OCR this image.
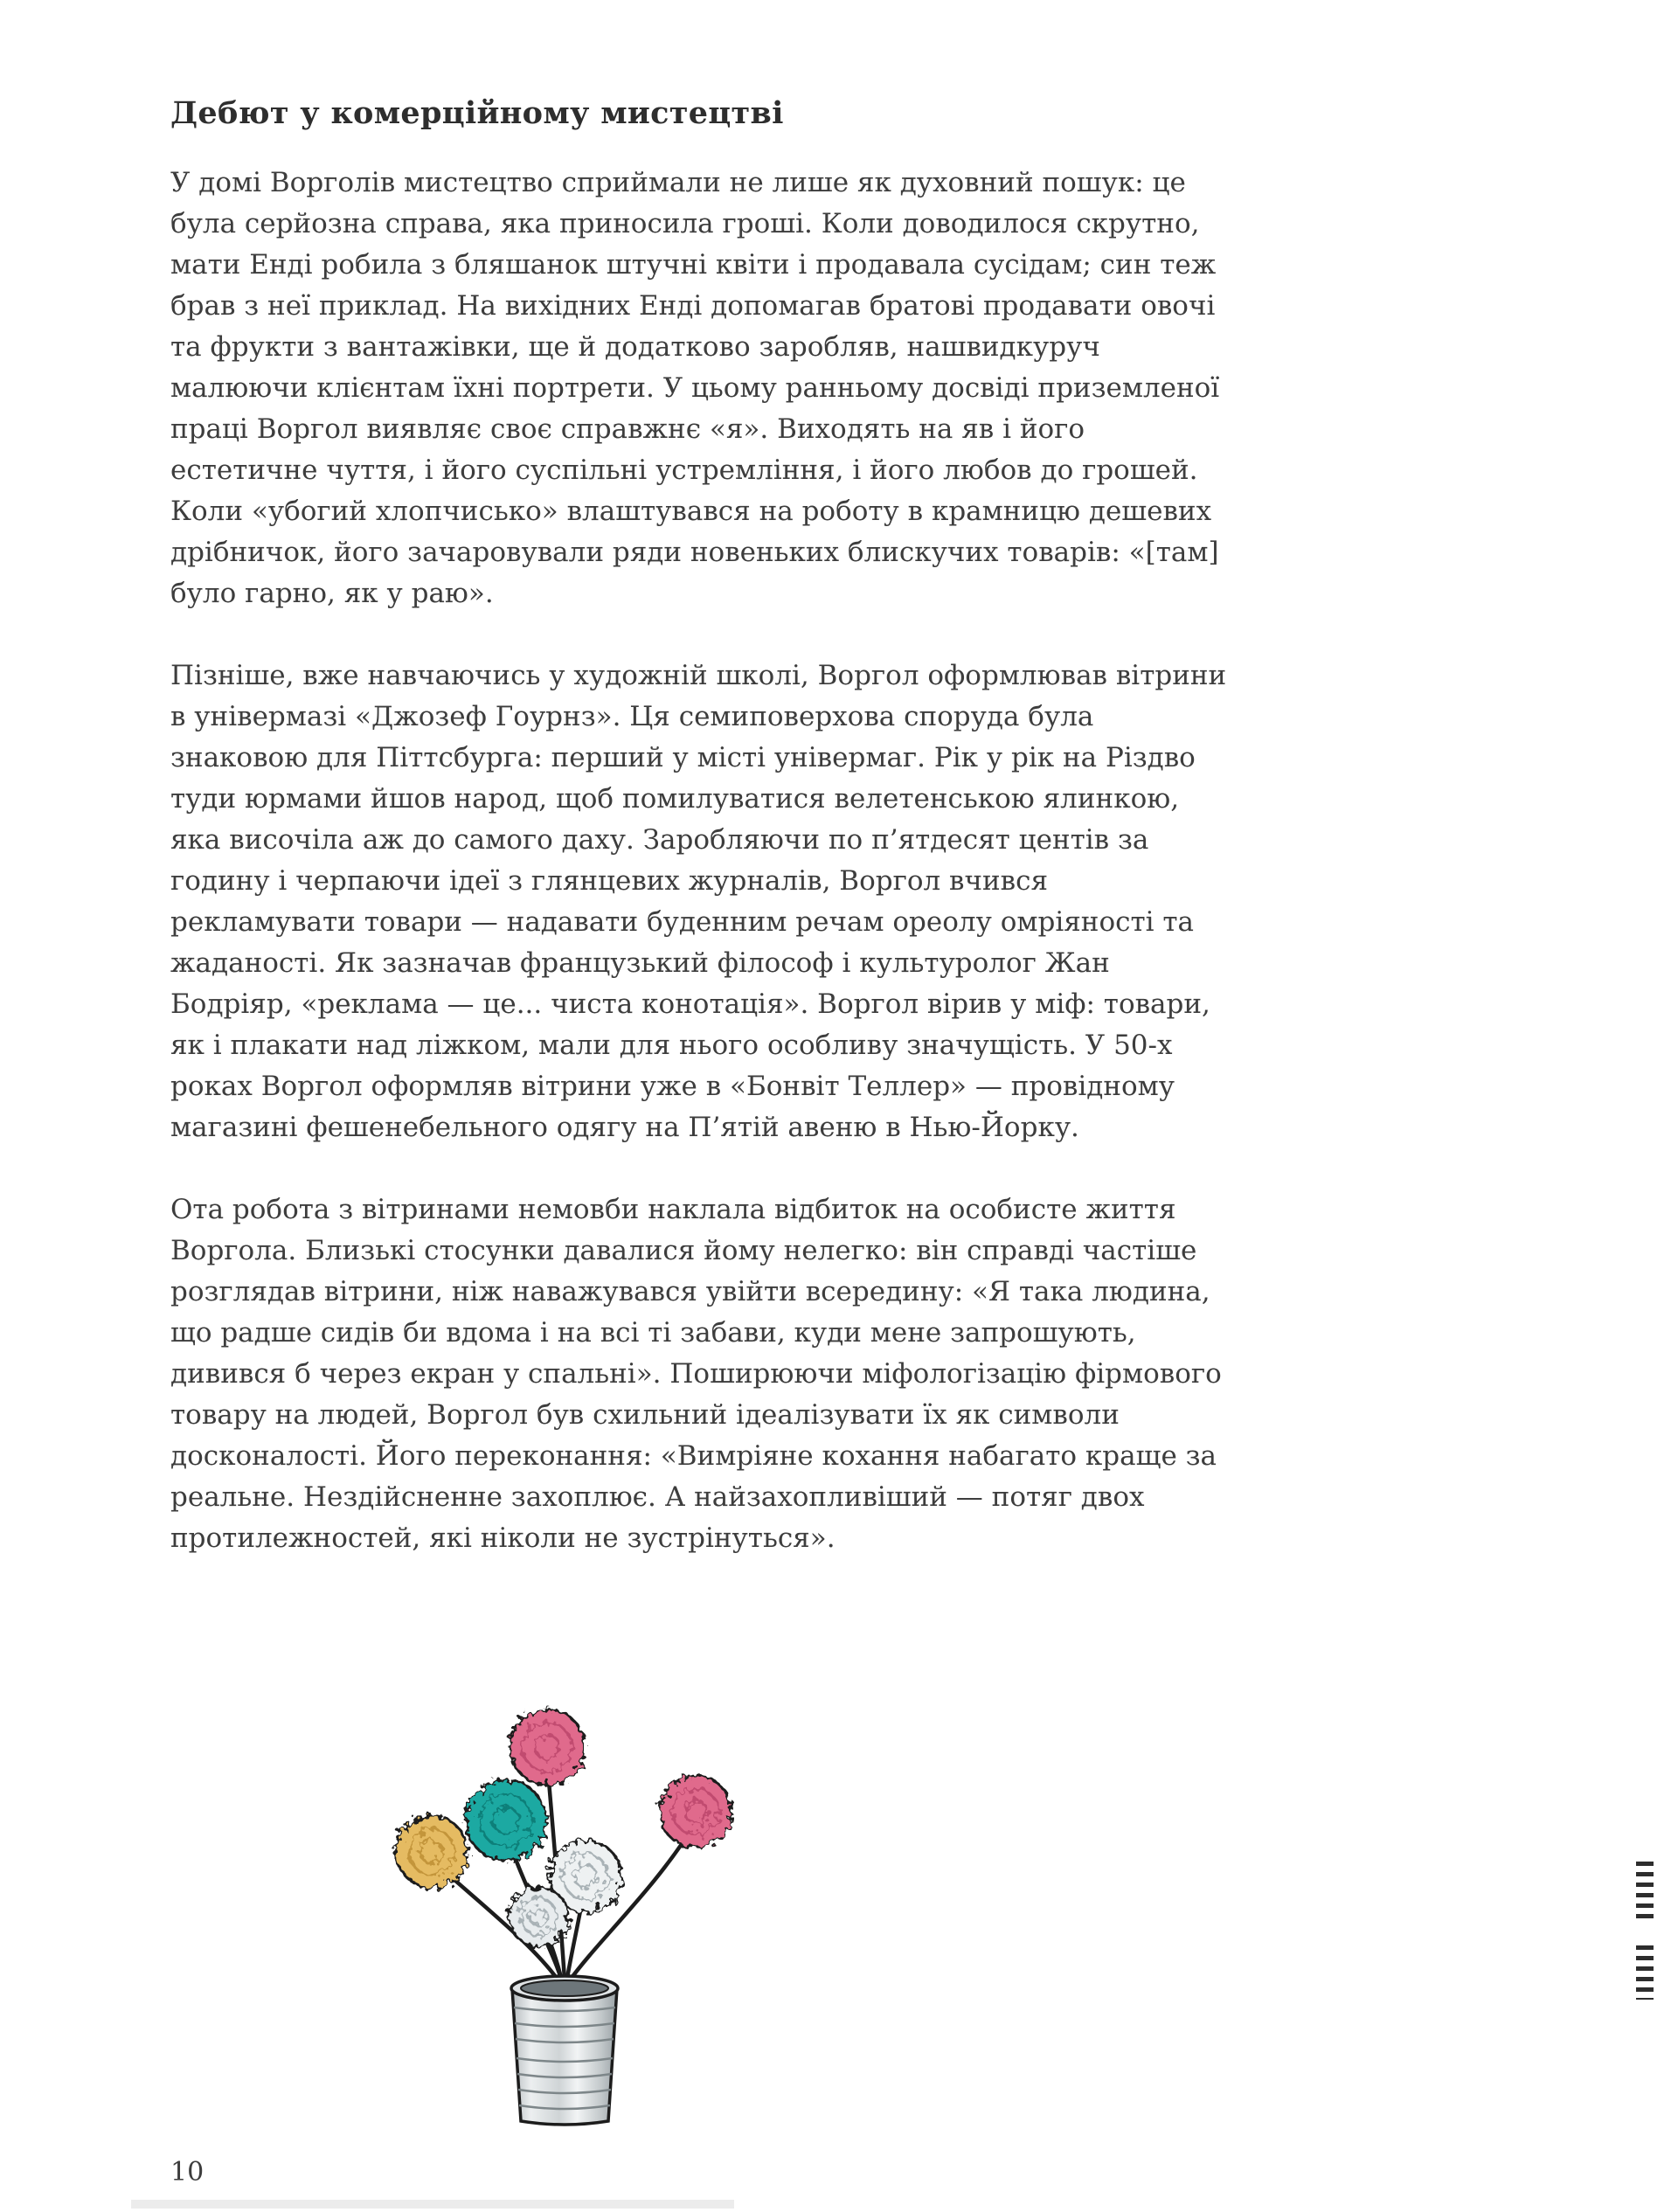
Дебют у комерційному мистецтві

У домі Ворголів мистецтво сприймали не лише як духовний пошук: це була серйозна справа, яка приносила гроші. Коли доводилося скрутно, мати Енді робила з бляшанок штучні квіти і продавала сусідам; син теж брав з неї приклад. На вихідних Енді допомагав братові продавати овочі та фрукти з вантажівки, ще й додатково заробляв, нашвидкуруч малюючи клієнтам їхні портрети. У цьому ранньому досвіді приземленої праці Воргол виявляє своє справжнє «я». Виходять на яв і його естетичне чуття, і його суспільні устремління, і його любов до грошей. Коли «убогий хлопчисько» влаштувався на роботу в крамницю дешевих дрібничок, його зачаровували ряди новеньких блискучих товарів: «[там] було гарно, як у раю».

Пізніше, вже навчаючись у художній школі, Воргол оформлював вітрини в універмазі «Джозеф Гоурнз». Ця семиповерхова споруда була знаковою для Піттсбурга: перший у місті універмаг. Рік у рік на Різдво туди юрмами йшов народ, щоб помилуватися велетенською ялинкою, яка височіла аж до самого даху. Заробляючи по п’ятдесят центів за годину і черпаючи ідеї з глянцевих журналів, Воргол вчився рекламувати товари — надавати буденним речам ореолу омріяності та жаданості. Як зазначав французький філософ і культуролог Жан Бодріяр, «реклама — це... чиста конотація». Воргол вірив у міф: товари, як і плакати над ліжком, мали для нього особливу значущість. У 50-х роках Воргол оформляв вітрини уже в «Бонвіт Теллер» — провідному магазині фешенебельного одягу на П’ятій авеню в Нью-Йорку.

Ота робота з вітринами немовби наклала відбиток на особисте життя Воргола. Близькі стосунки давалися йому нелегко: він справді частіше розглядав вітрини, ніж наважувався увійти всередину: «Я така людина, що радше сидів би вдома і на всі ті забави, куди мене запрошують, дивився б через екран у спальні». Поширюючи міфологізацію фірмового товару на людей, Воргол був схильний ідеалізувати їх як символи досконалості. Його переконання: «Вимріяне кохання набагато краще за реальне. Нездійсненне захоплює. А найзахопливіший — потяг двох протилежностей, які ніколи не зустрінуться».

10
